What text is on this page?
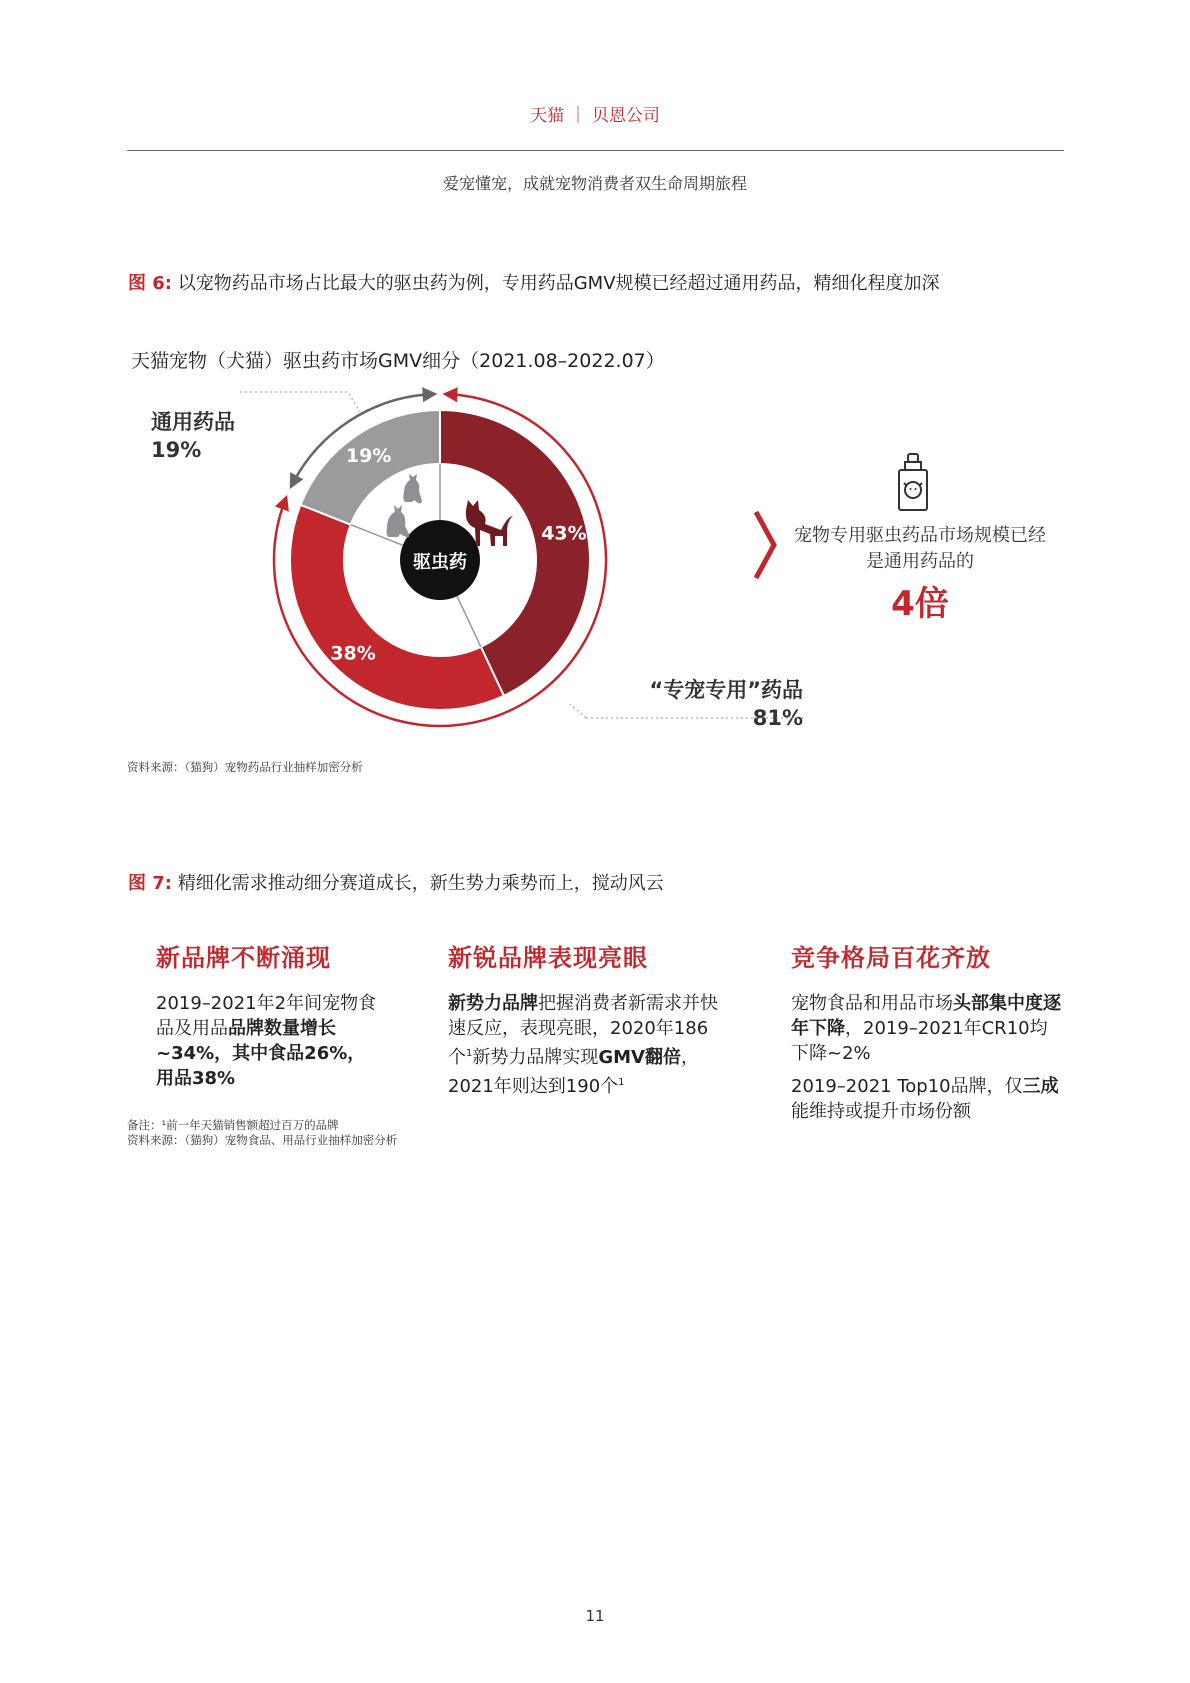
天猫 ｜ 贝恩公司
爱宠懂宠，成就宠物消费者双生命周期旅程
图 6: 以宠物药品市场占比最大的驱虫药为例，专用药品GMV规模已经超过通用药品，精细化程度加深
天猫宠物（犬猫）驱虫药市场GMV细分（2021.08–2022.07）
驱虫药
43%
38%
19%
通用药品
19%
“专宠专用”药品
81%
宠物专用驱虫药品市场规模已经是通用药品的
4倍
资料来源：（猫狗）宠物药品行业抽样加密分析
图 7: 精细化需求推动细分赛道成长，新生势力乘势而上，搅动风云
新品牌不断涌现

2019–2021年2年间宠物食品及用品品牌数量增长~34%，其中食品26%，用品38%

新锐品牌表现亮眼

新势力品牌把握消费者新需求并快速反应，表现亮眼，2020年186个$^1$新势力品牌实现GMV翻倍，2021年则达到190个$^1$

竞争格局百花齐放

宠物食品和用品市场头部集中度逐年下降，2019–2021年CR10均下降~2%

2019–2021 Top10品牌，仅三成能维持或提升市场份额

备注：¹前一年天猫销售额超过百万的品牌
资料来源：（猫狗）宠物食品、用品行业抽样加密分析
11
